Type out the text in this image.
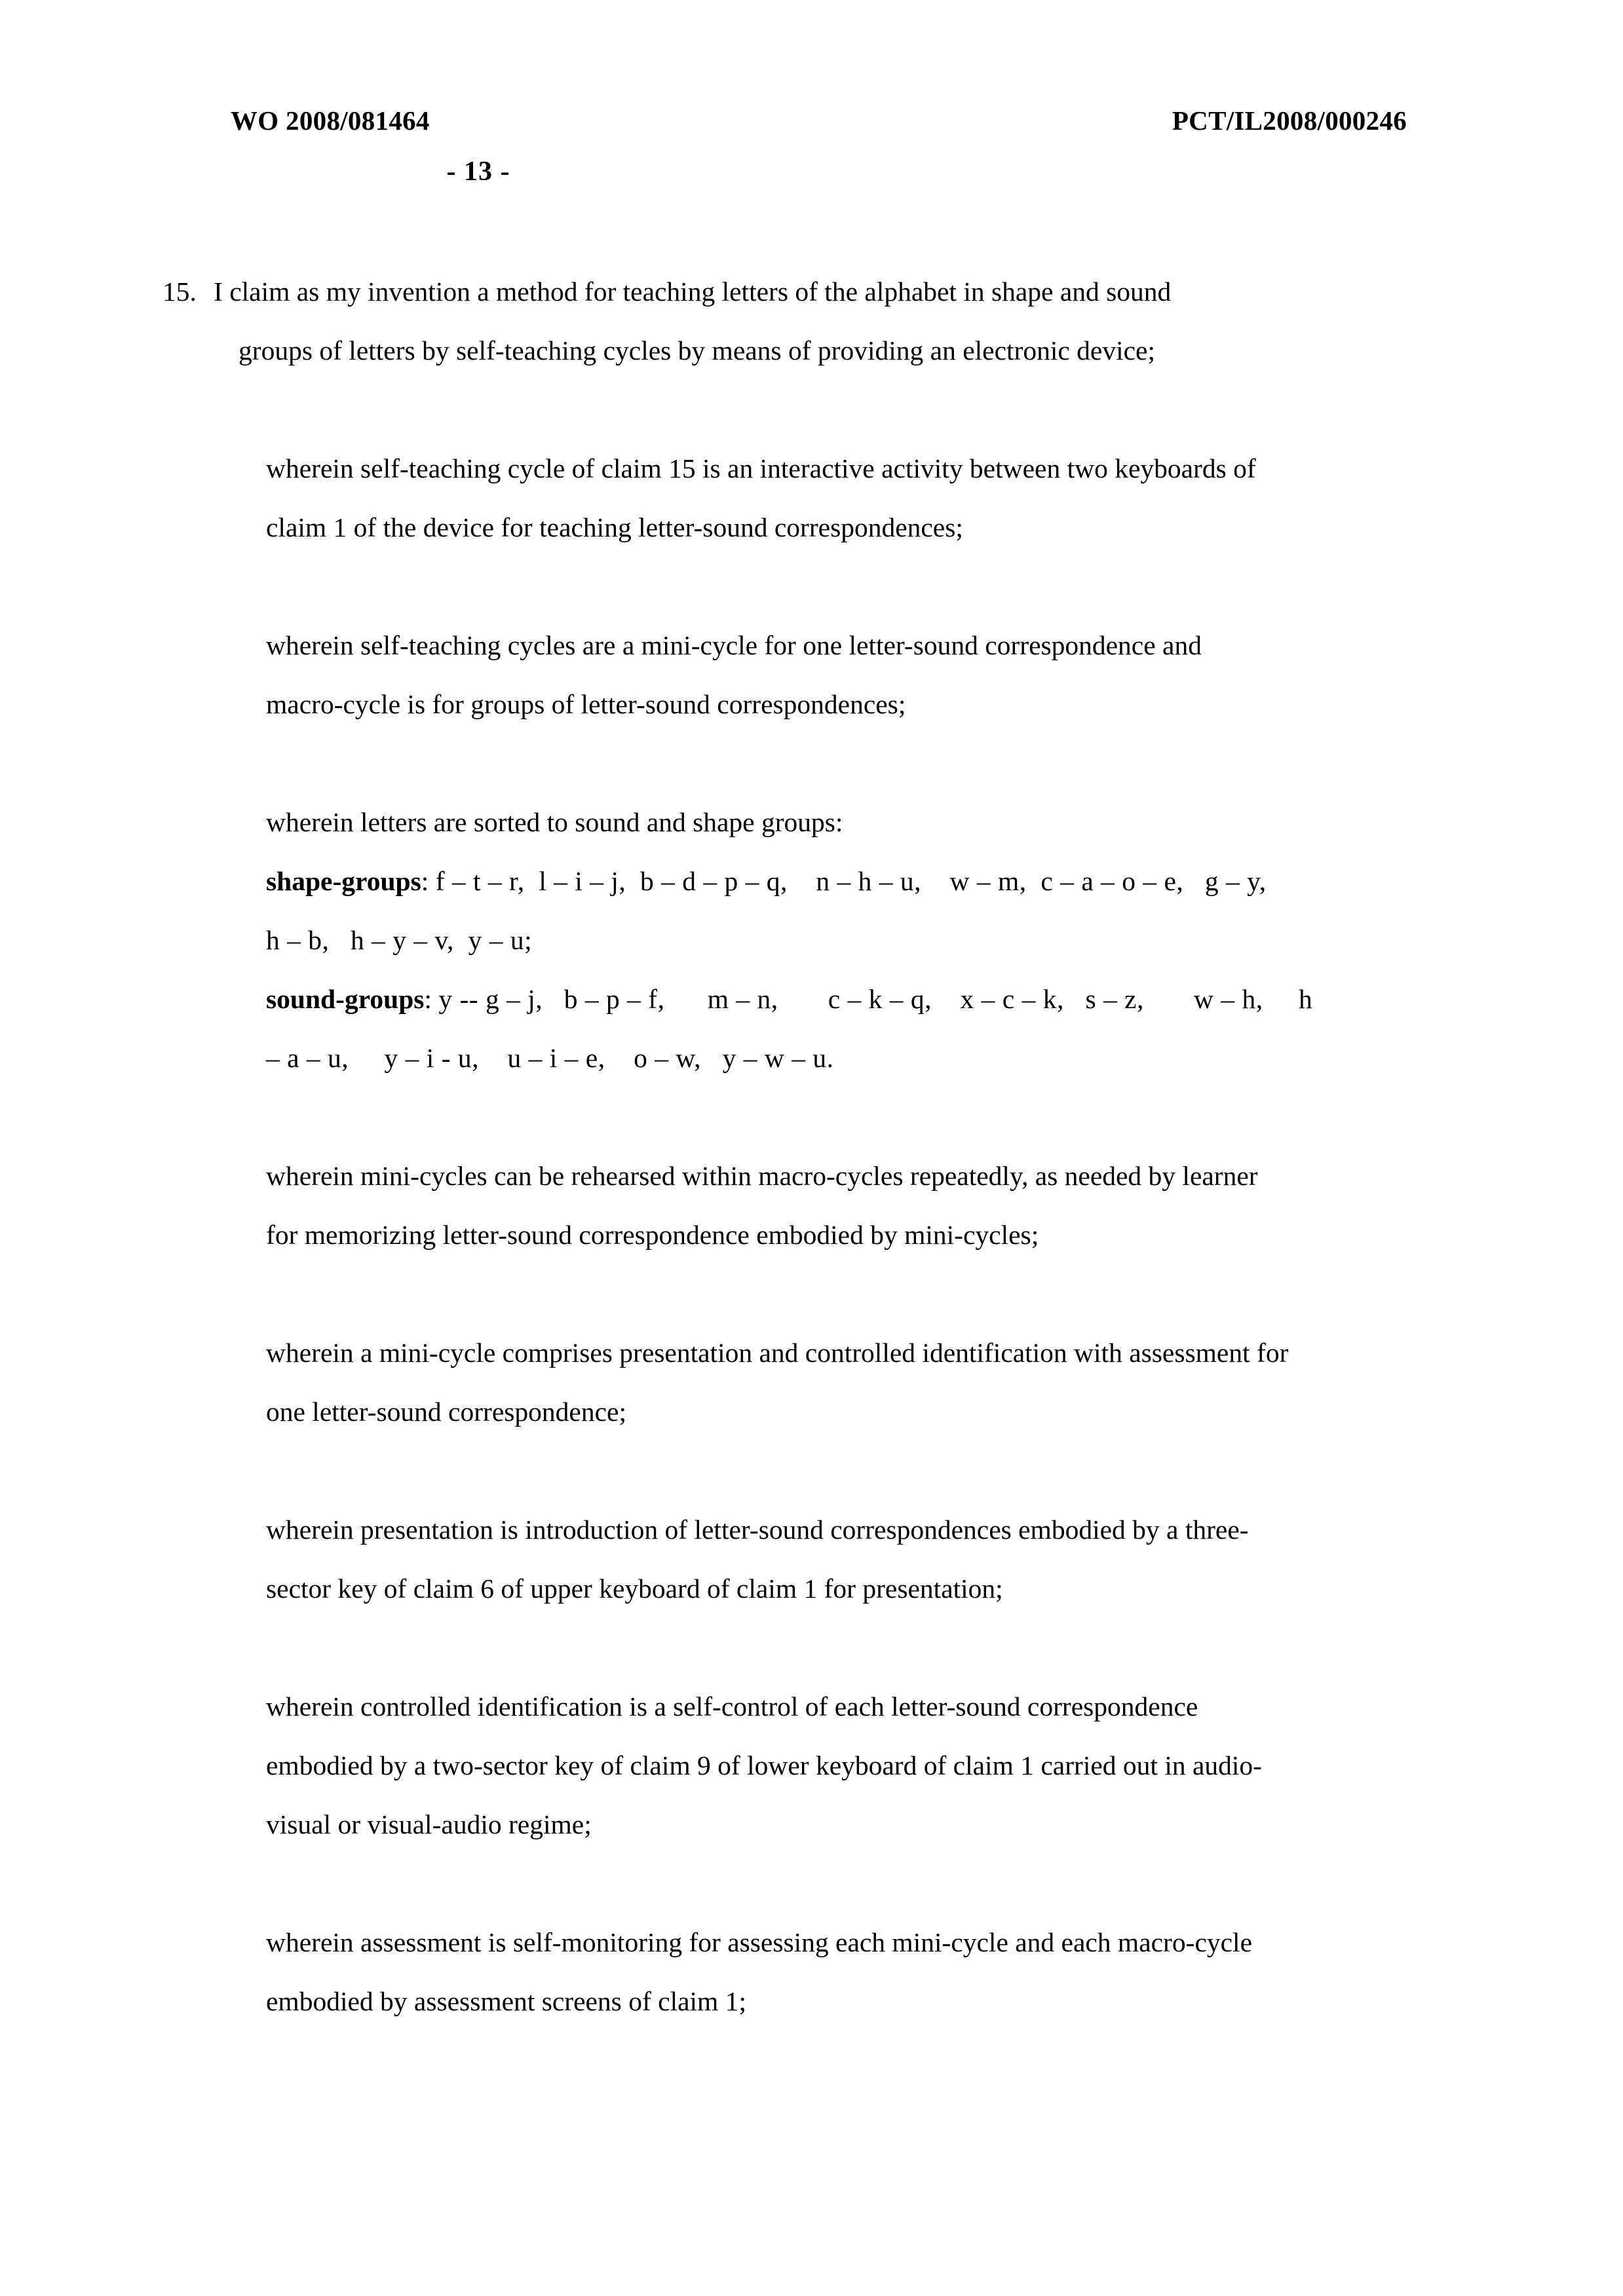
WO 2008/081464	PCT/IL2008/000246
- 13 -
15. I claim as my invention a method for teaching letters of the alphabet in shape and sound
groups of letters by self-teaching cycles by means of providing an electronic device;
wherein self-teaching cycle of claim 15 is an interactive activity between two keyboards of
claim 1 of the device for teaching letter-sound correspondences;
wherein self-teaching cycles are a mini-cycle for one letter-sound correspondence and
macro-cycle is for groups of letter-sound correspondences;
wherein letters are sorted to sound and shape groups:
shape-groups: f – t – r,  l – i – j,  b – d – p – q,    n – h – u,    w – m,  c – a – o – e,   g – y,
h – b,   h – y – v,  y – u;
sound-groups: y -- g – j,   b – p – f,      m – n,       c – k – q,    x – c – k,   s – z,       w – h,     h
– a – u,     y – i - u,    u – i – e,    o – w,   y – w – u.
wherein mini-cycles can be rehearsed within macro-cycles repeatedly, as needed by learner
for memorizing letter-sound correspondence embodied by mini-cycles;
wherein a mini-cycle comprises presentation and controlled identification with assessment for
one letter-sound correspondence;
wherein presentation is introduction of letter-sound correspondences embodied by a three-
sector key of claim 6 of upper keyboard of claim 1 for presentation;
wherein controlled identification is a self-control of each letter-sound correspondence
embodied by a two-sector key of claim 9 of lower keyboard of claim 1 carried out in audio-
visual or visual-audio regime;
wherein assessment is self-monitoring for assessing each mini-cycle and each macro-cycle
embodied by assessment screens of claim 1;
